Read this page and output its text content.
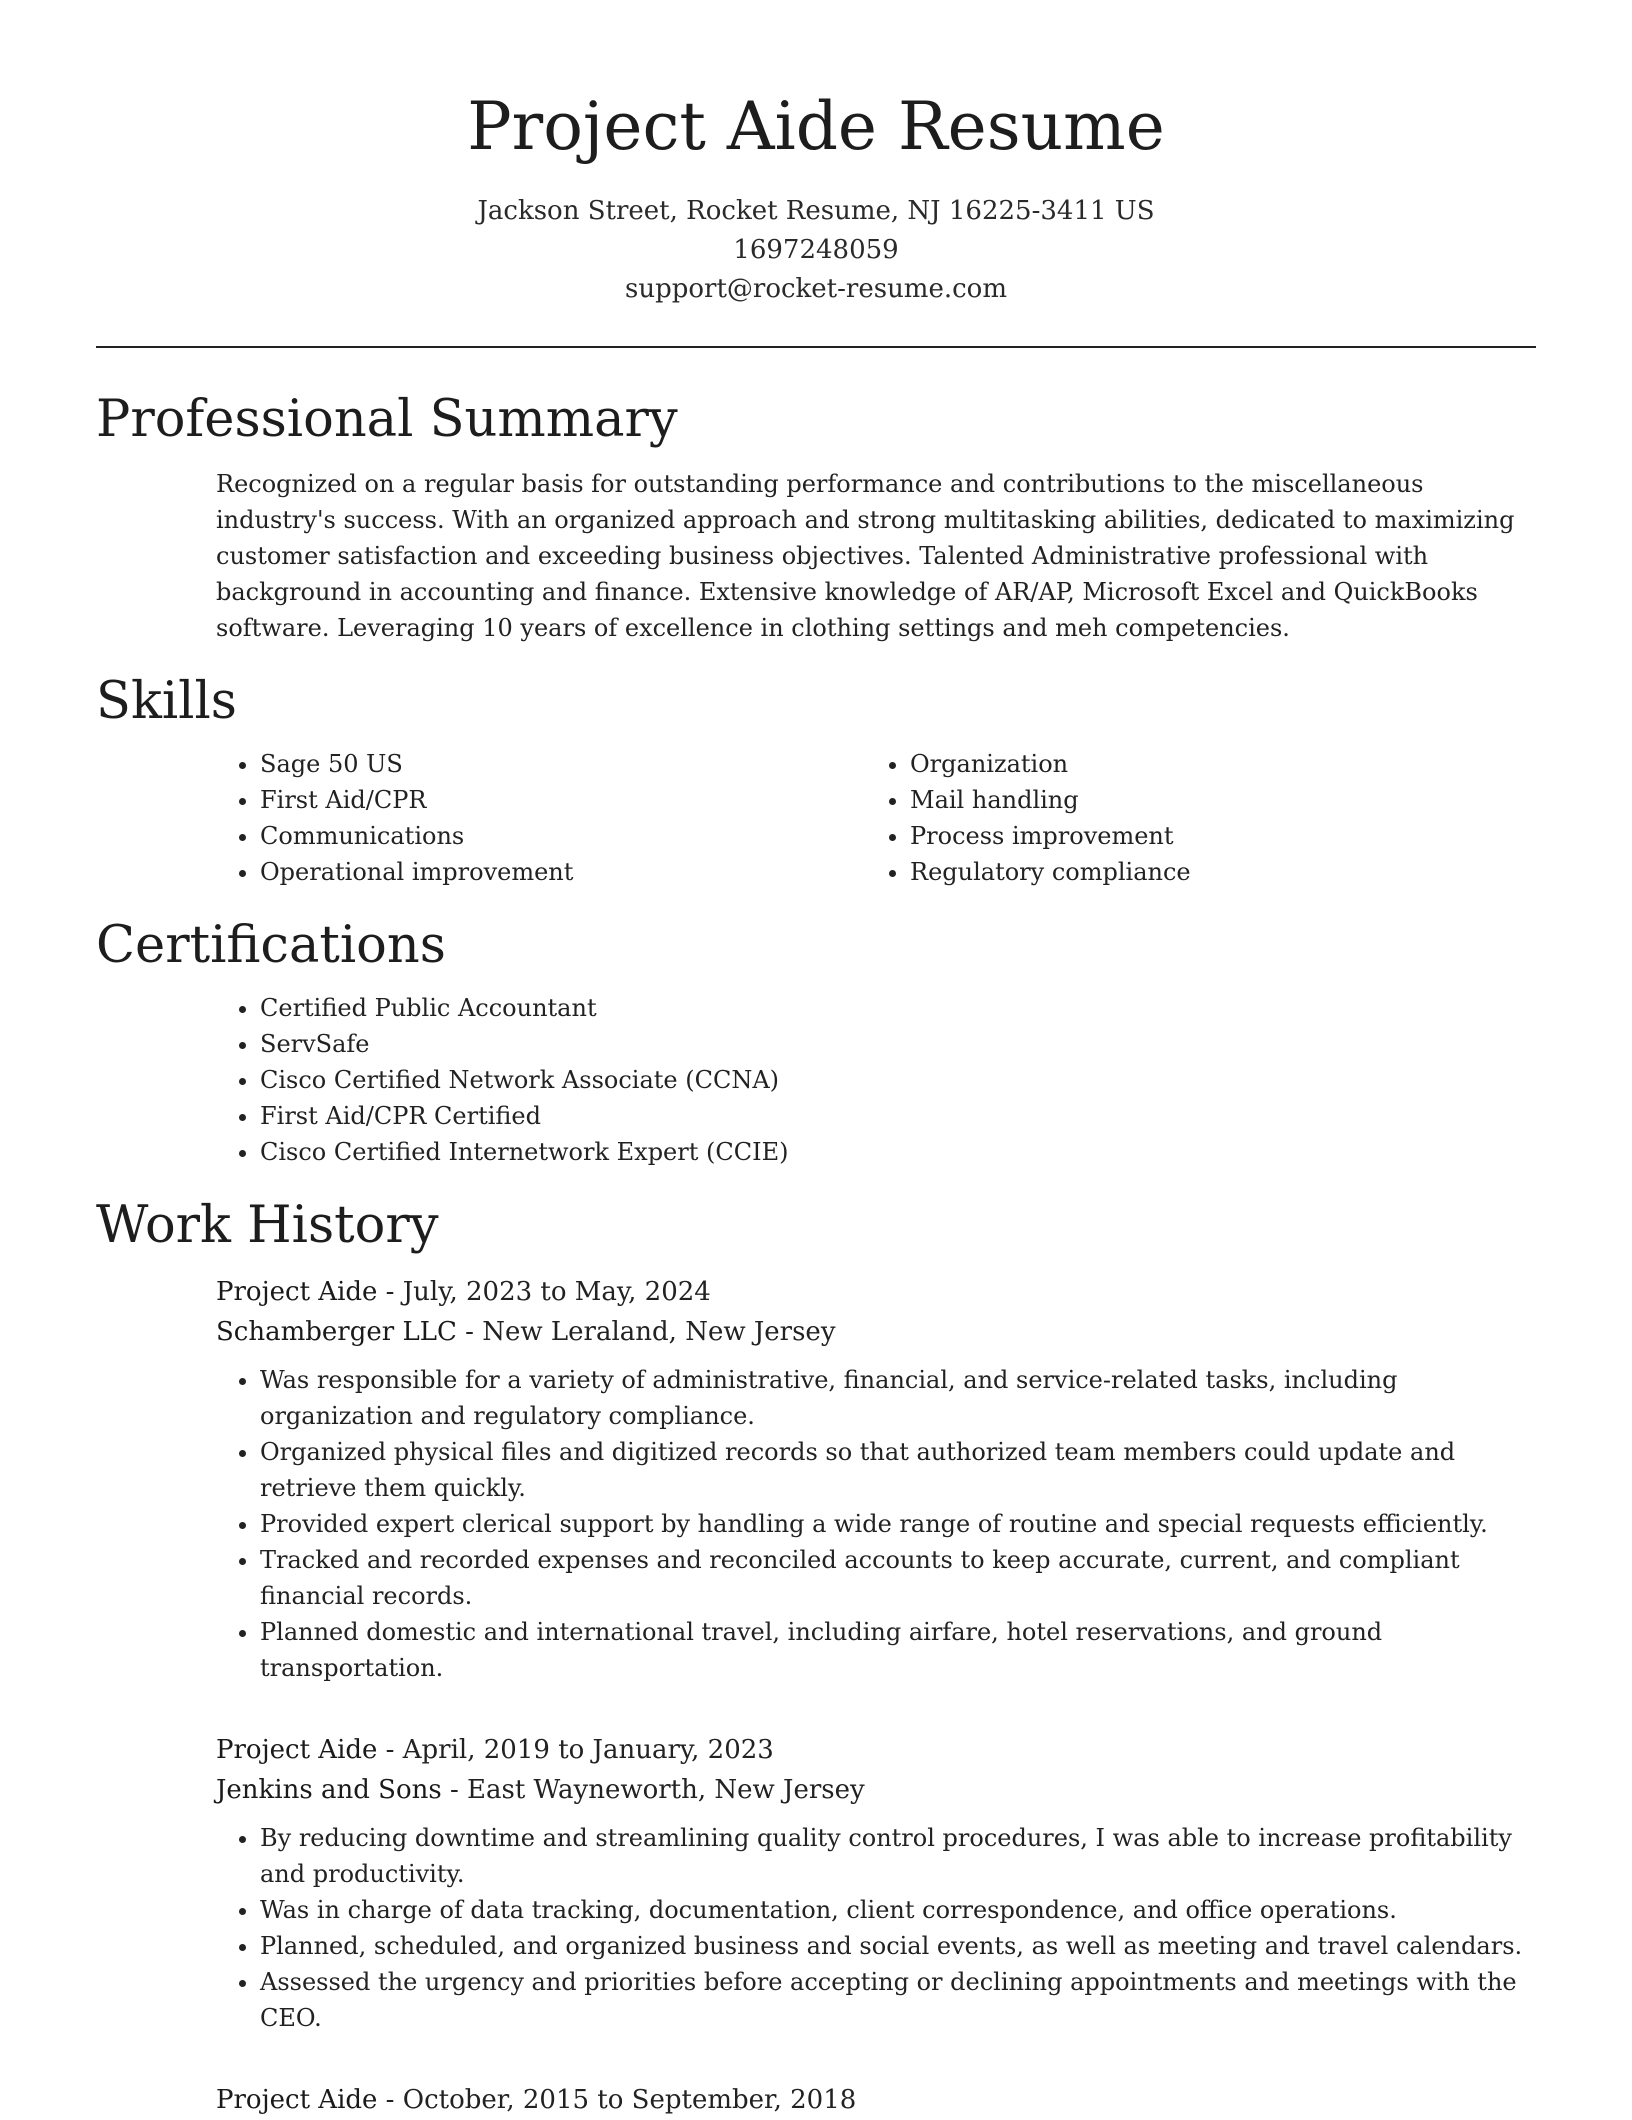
Project Aide Resume
Jackson Street, Rocket Resume, NJ 16225-3411 US
1697248059
support@rocket-resume.com
Professional Summary

Recognized on a regular basis for outstanding performance and contributions to the miscellaneous industry's success. With an organized approach and strong multitasking abilities, dedicated to maximizing customer satisfaction and exceeding business objectives. Talented Administrative professional with background in accounting and finance. Extensive knowledge of AR/AP, Microsoft Excel and QuickBooks software. Leveraging 10 years of excellence in clothing settings and meh competencies.

Skills
• Sage 50 US
• First Aid/CPR
• Communications
• Operational improvement
• Organization
• Mail handling
• Process improvement
• Regulatory compliance
Certifications
• Certified Public Accountant
• ServSafe
• Cisco Certified Network Associate (CCNA)
• First Aid/CPR Certified
• Cisco Certified Internetwork Expert (CCIE)
Work History
Project Aide - July, 2023 to May, 2024
Schamberger LLC - New Leraland, New Jersey
• Was responsible for a variety of administrative, financial, and service-related tasks, including organization and regulatory compliance.
• Organized physical files and digitized records so that authorized team members could update and retrieve them quickly.
• Provided expert clerical support by handling a wide range of routine and special requests efficiently.
• Tracked and recorded expenses and reconciled accounts to keep accurate, current, and compliant financial records.
• Planned domestic and international travel, including airfare, hotel reservations, and ground transportation.
Project Aide - April, 2019 to January, 2023
Jenkins and Sons - East Wayneworth, New Jersey
• By reducing downtime and streamlining quality control procedures, I was able to increase profitability and productivity.
• Was in charge of data tracking, documentation, client correspondence, and office operations.
• Planned, scheduled, and organized business and social events, as well as meeting and travel calendars.
• Assessed the urgency and priorities before accepting or declining appointments and meetings with the CEO.
Project Aide - October, 2015 to September, 2018
